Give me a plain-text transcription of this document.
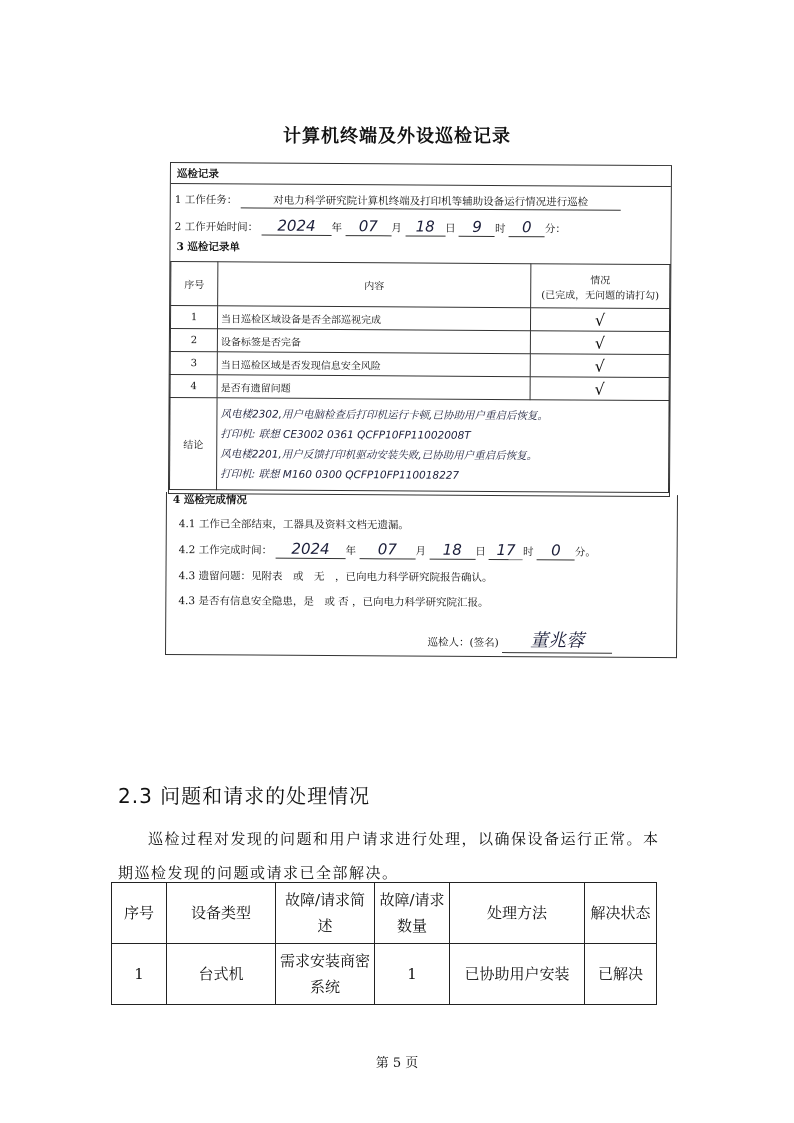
计算机终端及外设巡检记录
巡检记录
1 工作任务：	对电力科学研究院计算机终端及打印机等辅助设备运行情况进行巡检
2 工作开始时间： 2024 年 07 月 18 日 9 时 0 分：
3 巡检记录单
序号	内容	情况
(已完成，无问题的请打勾)

1	当日巡检区域设备是否全部巡视完成	√
2	设备标签是否完备	√
3	当日巡检区域是否发现信息安全风险	√
4	是否有遗留问题	√
结论	风电楼2302,用户电脑检查后打印机运行卡顿,已协助用户重启后恢复。
打印机: 联想 CE3002 0361 QCFP10FP11002008T
风电楼2201,用户反馈打印机驱动安装失败,已协助用户重启后恢复。
打印机: 联想 M160 0300 QCFP10FP110018227	
4 巡检完成情况
4.1 工作已全部结束，工器具及资料文档无遗漏。
4.2 工作完成时间： 2024 年 07 月 18 日 17 时 0 分。
4.3 遗留问题：见附表　或　无　，已向电力科学研究院报告确认。
4.3 是否有信息安全隐患，是　或 否 ，已向电力科学研究院汇报。
巡检人：(签名) 董兆蓉
2.3 问题和请求的处理情况
巡检过程对发现的问题和用户请求进行处理，以确保设备运行正常。本期巡检发现的问题或请求已全部解决。
序号	设备类型	故障/请求简述	故障/请求数量	处理方法	解决状态
1	台式机	需求安装商密系统	1	已协助用户安装	已解决
第 5 页
